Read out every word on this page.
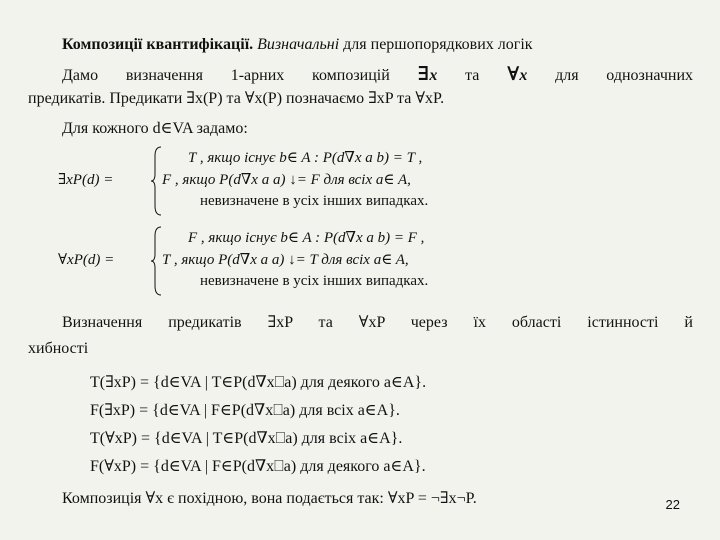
Композиції квантифікації. Визначальні для першопорядкових логік
Дамо визначення 1-арних композицій ∃x та ∀x для однозначних
предикатів. Предикати ∃x(P) та ∀x(P) позначаємо ∃xP та ∀xP.
Для кожного d∈VA задамо:
∃xP(d) =
T , якщо існує b∈ A : P(d∇x a b) = T ,
F , якщо P(d∇x a a) ↓= F для всіх a∈ A,
невизначене в усіх інших випадках.
∀xP(d) =
F , якщо існує b∈ A : P(d∇x a b) = F ,
T , якщо P(d∇x a a) ↓= T для всіх a∈ A,
невизначене в усіх інших випадках.
Визначення предикатів ∃xP та ∀xP через їх області істинності й
хибності
T(∃xP) = {d∈VA | T∈P(d∇x⎕a) для деякого a∈A}.
F(∃xP) = {d∈VA | F∈P(d∇x⎕a) для всіх a∈A}.
T(∀xP) = {d∈VA | T∈P(d∇x⎕a) для всіх a∈A}.
F(∀xP) = {d∈VA | F∈P(d∇x⎕a) для деякого a∈A}.
Композиція ∀x є похідною, вона подається так: ∀xP = ¬∃x¬P.	22
